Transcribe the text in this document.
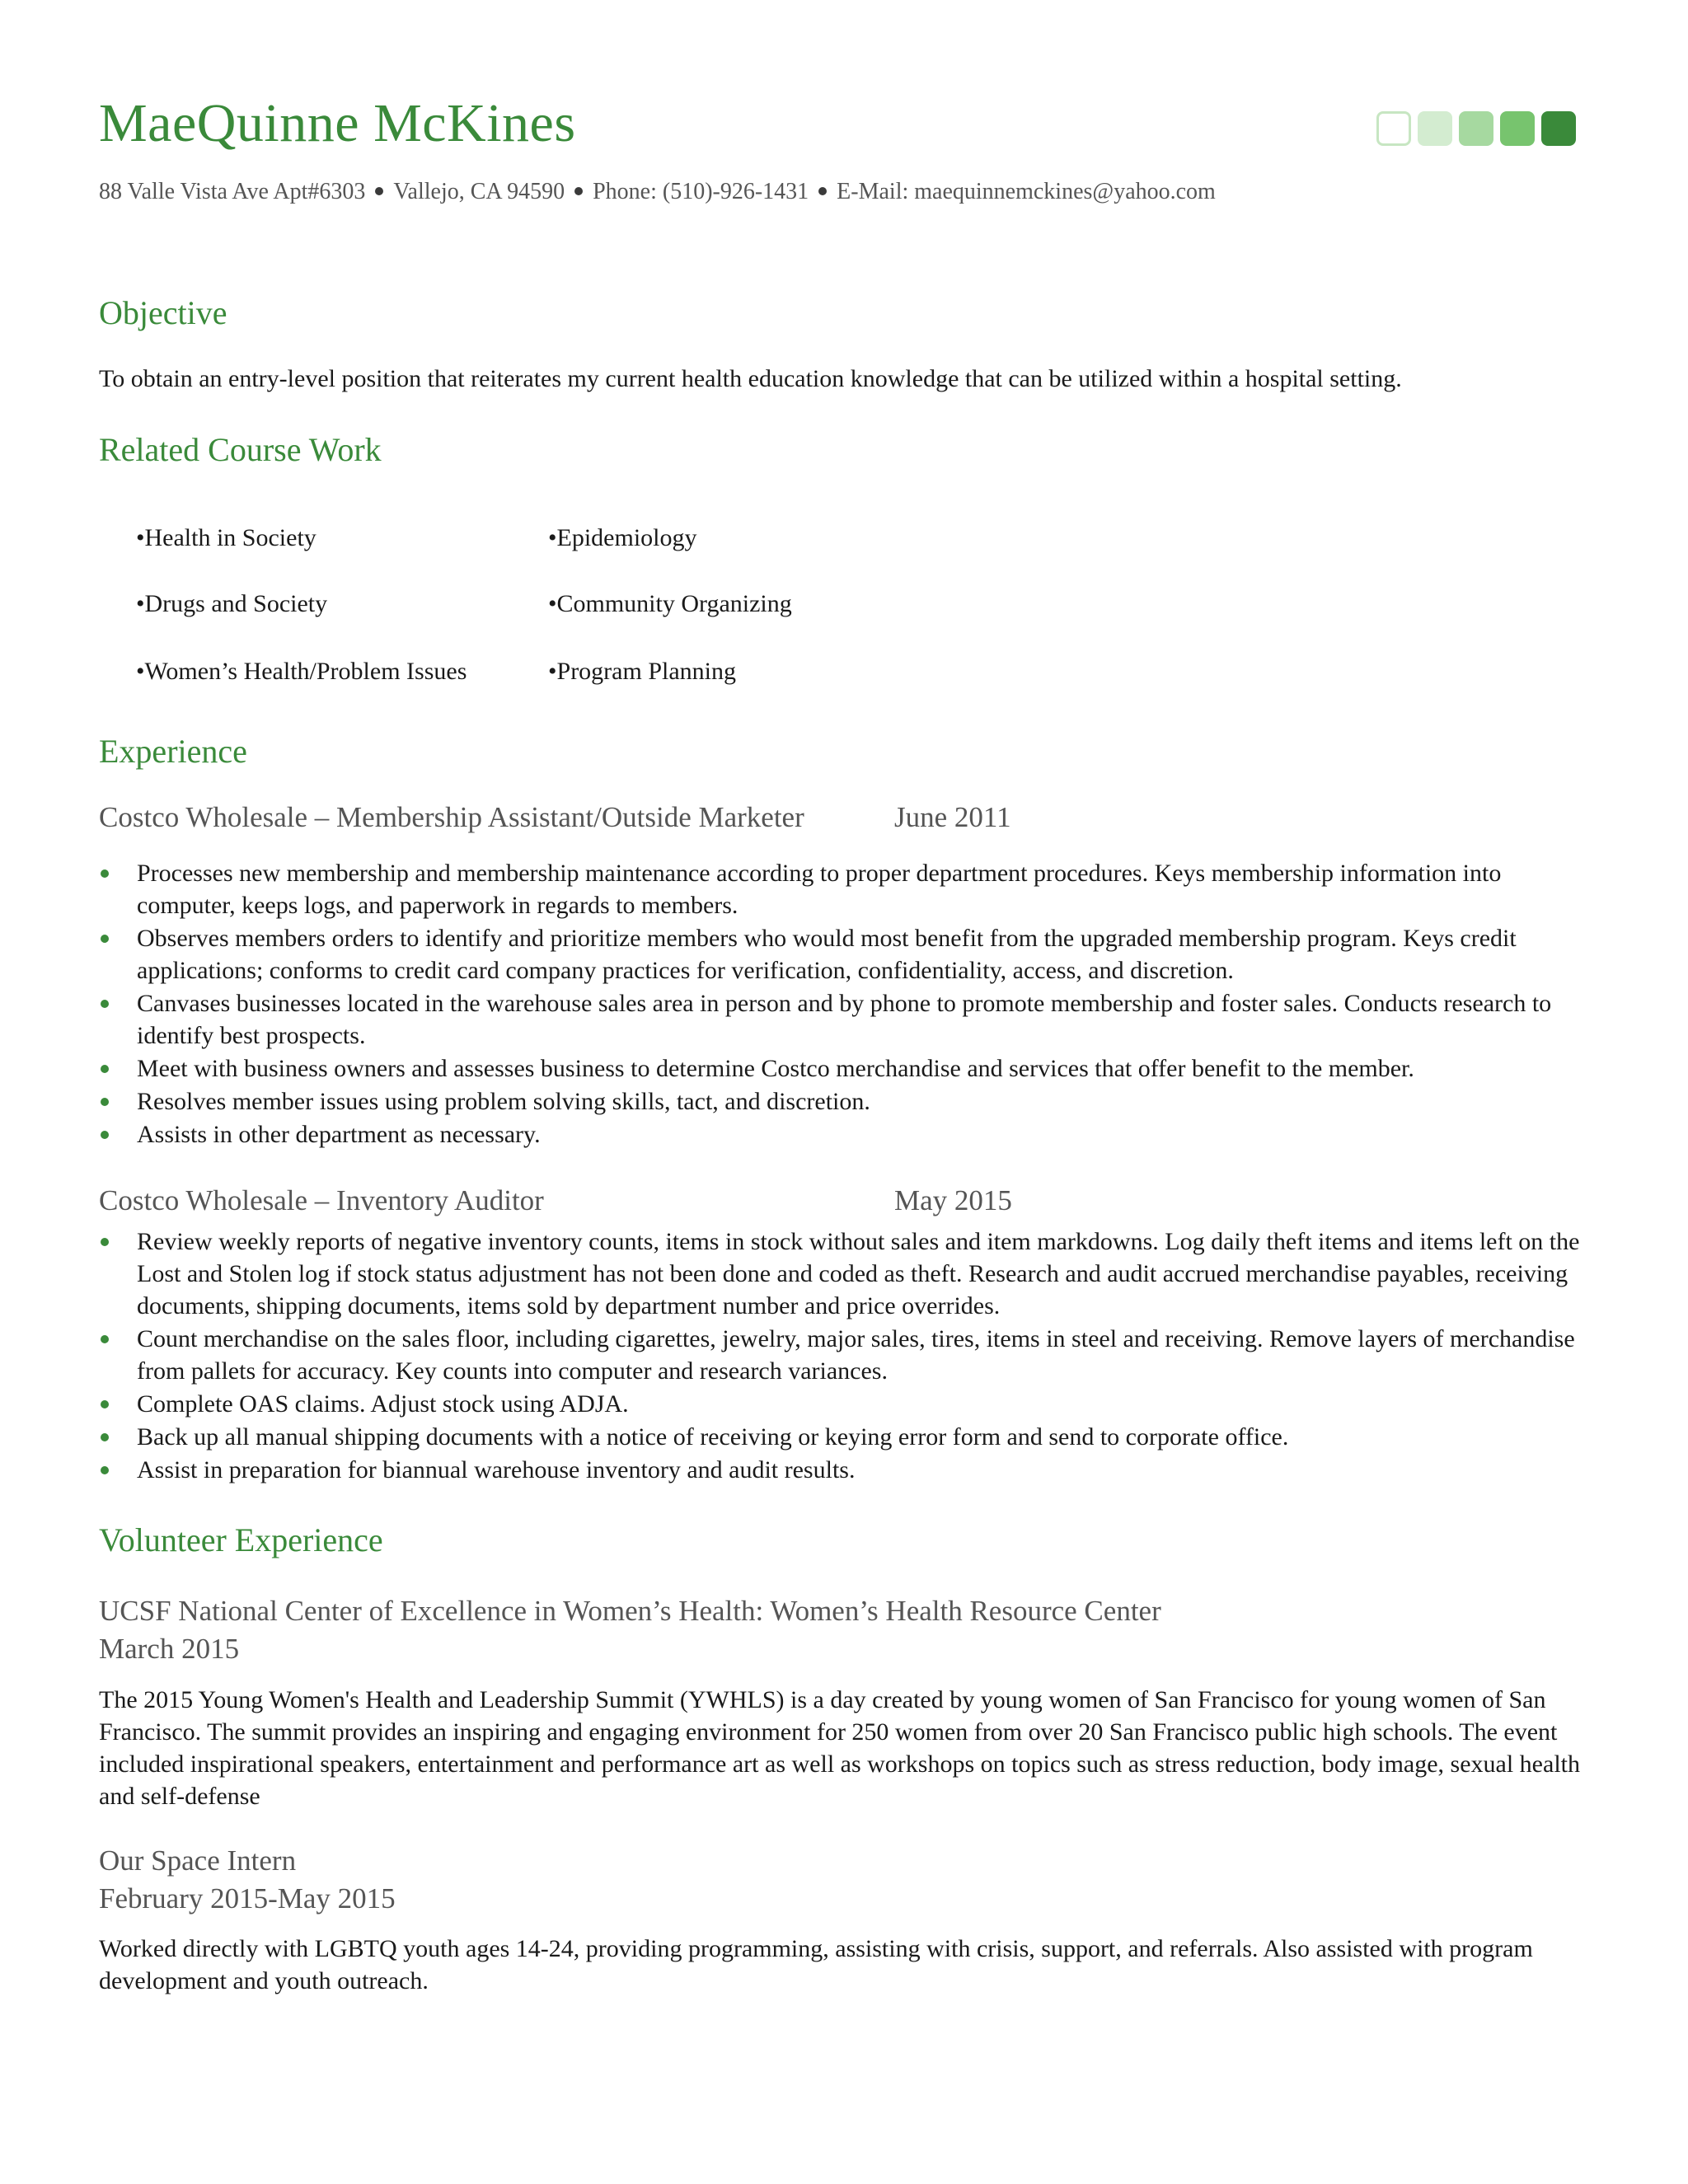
MaeQuinne McKines
88 Valle Vista Ave Apt#6303 Vallejo, CA 94590 Phone: (510)-926-1431 E-Mail: maequinnemckines@yahoo.com
Objective
To obtain an entry-level position that reiterates my current health education knowledge that can be utilized within a hospital setting.
Related Course Work
•Health in Society
•Drugs and Society
•Women’s Health/Problem Issues
•Epidemiology
•Community Organizing
•Program Planning
Experience
Costco Wholesale – Membership Assistant/Outside Marketer	June 2011
Processes new membership and membership maintenance according to proper department procedures. Keys membership information into computer, keeps logs, and paperwork in regards to members.
Observes members orders to identify and prioritize members who would most benefit from the upgraded membership program. Keys credit applications; conforms to credit card company practices for verification, confidentiality, access, and discretion.
Canvases businesses located in the warehouse sales area in person and by phone to promote membership and foster sales. Conducts research to identify best prospects.
Meet with business owners and assesses business to determine Costco merchandise and services that offer benefit to the member.
Resolves member issues using problem solving skills, tact, and discretion.
Assists in other department as necessary.
Costco Wholesale – Inventory Auditor	May 2015
Review weekly reports of negative inventory counts, items in stock without sales and item markdowns. Log daily theft items and items left on the Lost and Stolen log if stock status adjustment has not been done and coded as theft. Research and audit accrued merchandise payables, receiving documents, shipping documents, items sold by department number and price overrides.
Count merchandise on the sales floor, including cigarettes, jewelry, major sales, tires, items in steel and receiving. Remove layers of merchandise from pallets for accuracy. Key counts into computer and research variances.
Complete OAS claims. Adjust stock using ADJA.
Back up all manual shipping documents with a notice of receiving or keying error form and send to corporate office.
Assist in preparation for biannual warehouse inventory and audit results.
Volunteer Experience
UCSF National Center of Excellence in Women’s Health: Women’s Health Resource Center
March 2015
The 2015 Young Women's Health and Leadership Summit (YWHLS) is a day created by young women of San Francisco for young women of San Francisco. The summit provides an inspiring and engaging environment for 250 women from over 20 San Francisco public high schools. The event included inspirational speakers, entertainment and performance art as well as workshops on topics such as stress reduction, body image, sexual health and self-defense
Our Space Intern
February 2015-May 2015
Worked directly with LGBTQ youth ages 14-24, providing programming, assisting with crisis, support, and referrals. Also assisted with program development and youth outreach.
